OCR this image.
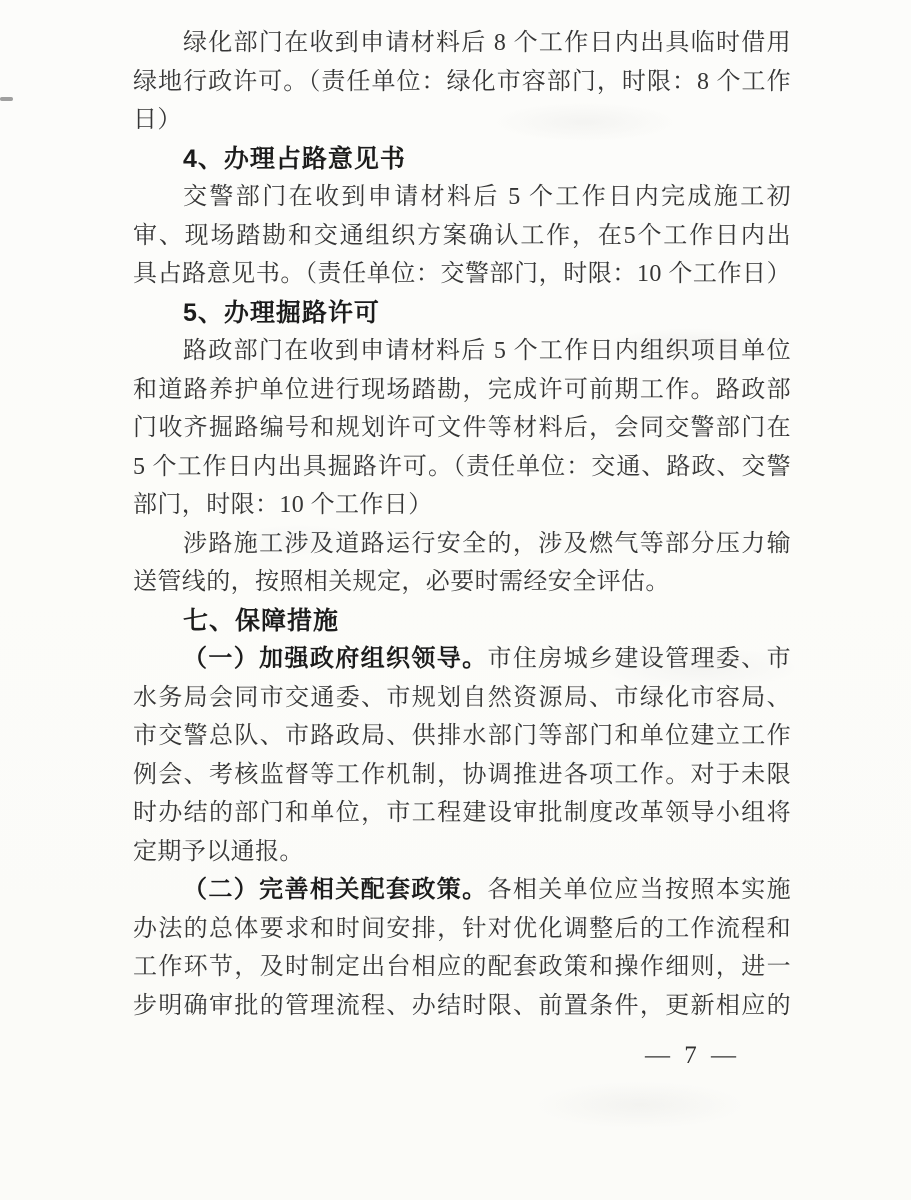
绿化部门在收到申请材料后 8 个工作日内出具临时借用
绿地行政许可。（责任单位：绿化市容部门，时限：8 个工作
日）
4、办理占路意见书
交警部门在收到申请材料后 5 个工作日内完成施工初
审、现场踏勘和交通组织方案确认工作，在5个工作日内出
具占路意见书。（责任单位：交警部门，时限：10 个工作日）
5、办理掘路许可
路政部门在收到申请材料后 5 个工作日内组织项目单位
和道路养护单位进行现场踏勘，完成许可前期工作。路政部
门收齐掘路编号和规划许可文件等材料后，会同交警部门在
5 个工作日内出具掘路许可。（责任单位：交通、路政、交警
部门，时限：10 个工作日）
涉路施工涉及道路运行安全的，涉及燃气等部分压力输
送管线的，按照相关规定，必要时需经安全评估。
七、保障措施
（一）加强政府组织领导。市住房城乡建设管理委、市
水务局会同市交通委、市规划自然资源局、市绿化市容局、
市交警总队、市路政局、供排水部门等部门和单位建立工作
例会、考核监督等工作机制，协调推进各项工作。对于未限
时办结的部门和单位，市工程建设审批制度改革领导小组将
定期予以通报。
（二）完善相关配套政策。各相关单位应当按照本实施
办法的总体要求和时间安排，针对优化调整后的工作流程和
工作环节，及时制定出台相应的配套政策和操作细则，进一
步明确审批的管理流程、办结时限、前置条件，更新相应的
— 7 —
